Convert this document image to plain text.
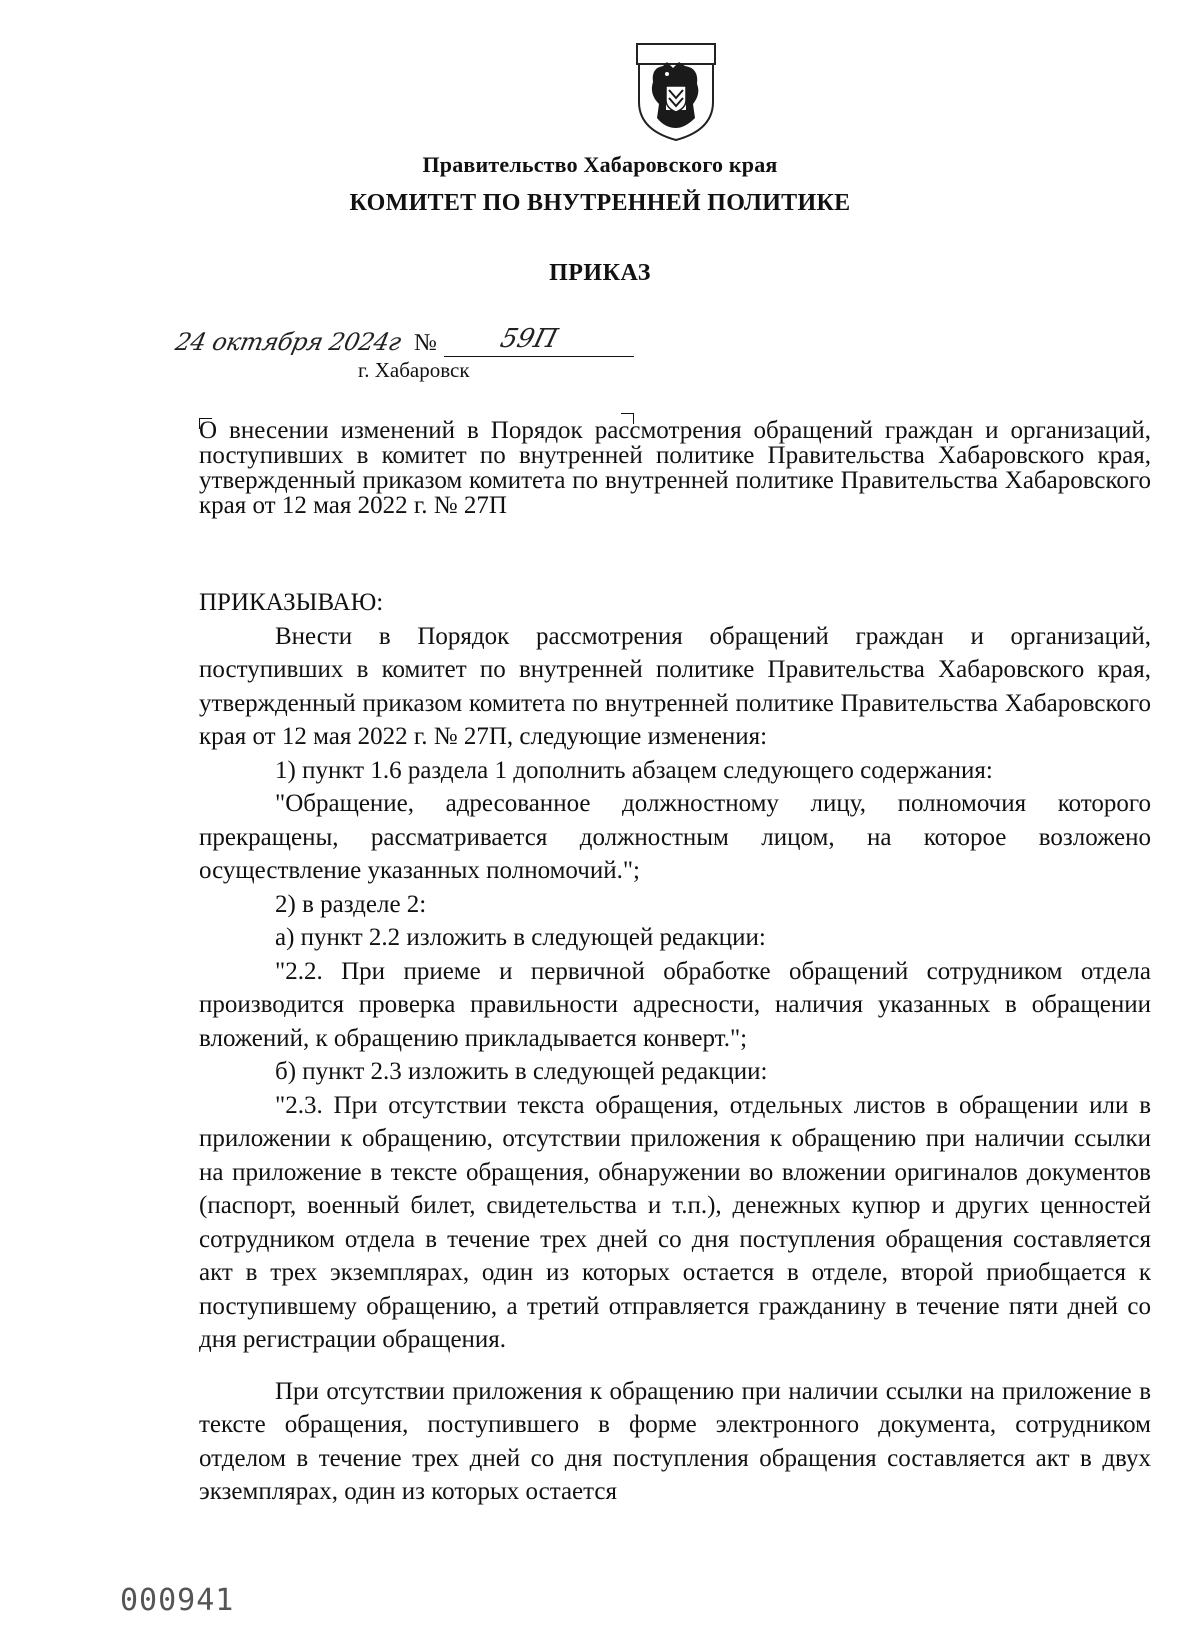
Правительство Хабаровского края
КОМИТЕТ ПО ВНУТРЕННЕЙ ПОЛИТИКЕ
ПРИКАЗ
24 октября 2024г № 59П
г. Хабаровск
О внесении изменений в Порядок рассмотрения обращений граждан и организаций, поступивших в комитет по внутренней политике Правительства Хабаровского края, утвержденный приказом комитета по внутренней политике Правительства Хабаровского края от 12 мая 2022 г. № 27П

ПРИКАЗЫВАЮ:

Внести в Порядок рассмотрения обращений граждан и организаций, поступивших в комитет по внутренней политике Правительства Хабаровского края, утвержденный приказом комитета по внутренней политике Правительства Хабаровского края от 12 мая 2022 г. № 27П, следующие изменения:

1) пункт 1.6 раздела 1 дополнить абзацем следующего содержания:

"Обращение, адресованное должностному лицу, полномочия которого прекращены, рассматривается должностным лицом, на которое возложено осуществление указанных полномочий.";

2) в разделе 2:

а) пункт 2.2 изложить в следующей редакции:

"2.2. При приеме и первичной обработке обращений сотрудником отдела производится проверка правильности адресности, наличия указанных в обращении вложений, к обращению прикладывается конверт.";

б) пункт 2.3 изложить в следующей редакции:

"2.3. При отсутствии текста обращения, отдельных листов в обращении или в приложении к обращению, отсутствии приложения к обращению при наличии ссылки на приложение в тексте обращения, обнаружении во вложении оригиналов документов (паспорт, военный билет, свидетельства и т.п.), денежных купюр и других ценностей сотрудником отдела в течение трех дней со дня поступления обращения составляется акт в трех экземплярах, один из которых остается в отделе, второй приобщается к поступившему обращению, а третий отправляется гражданину в течение пяти дней со дня регистрации обращения.

При отсутствии приложения к обращению при наличии ссылки на приложение в тексте обращения, поступившего в форме электронного документа, сотрудником отделом в течение трех дней со дня поступления обращения составляется акт в двух экземплярах, один из которых остается

000941
